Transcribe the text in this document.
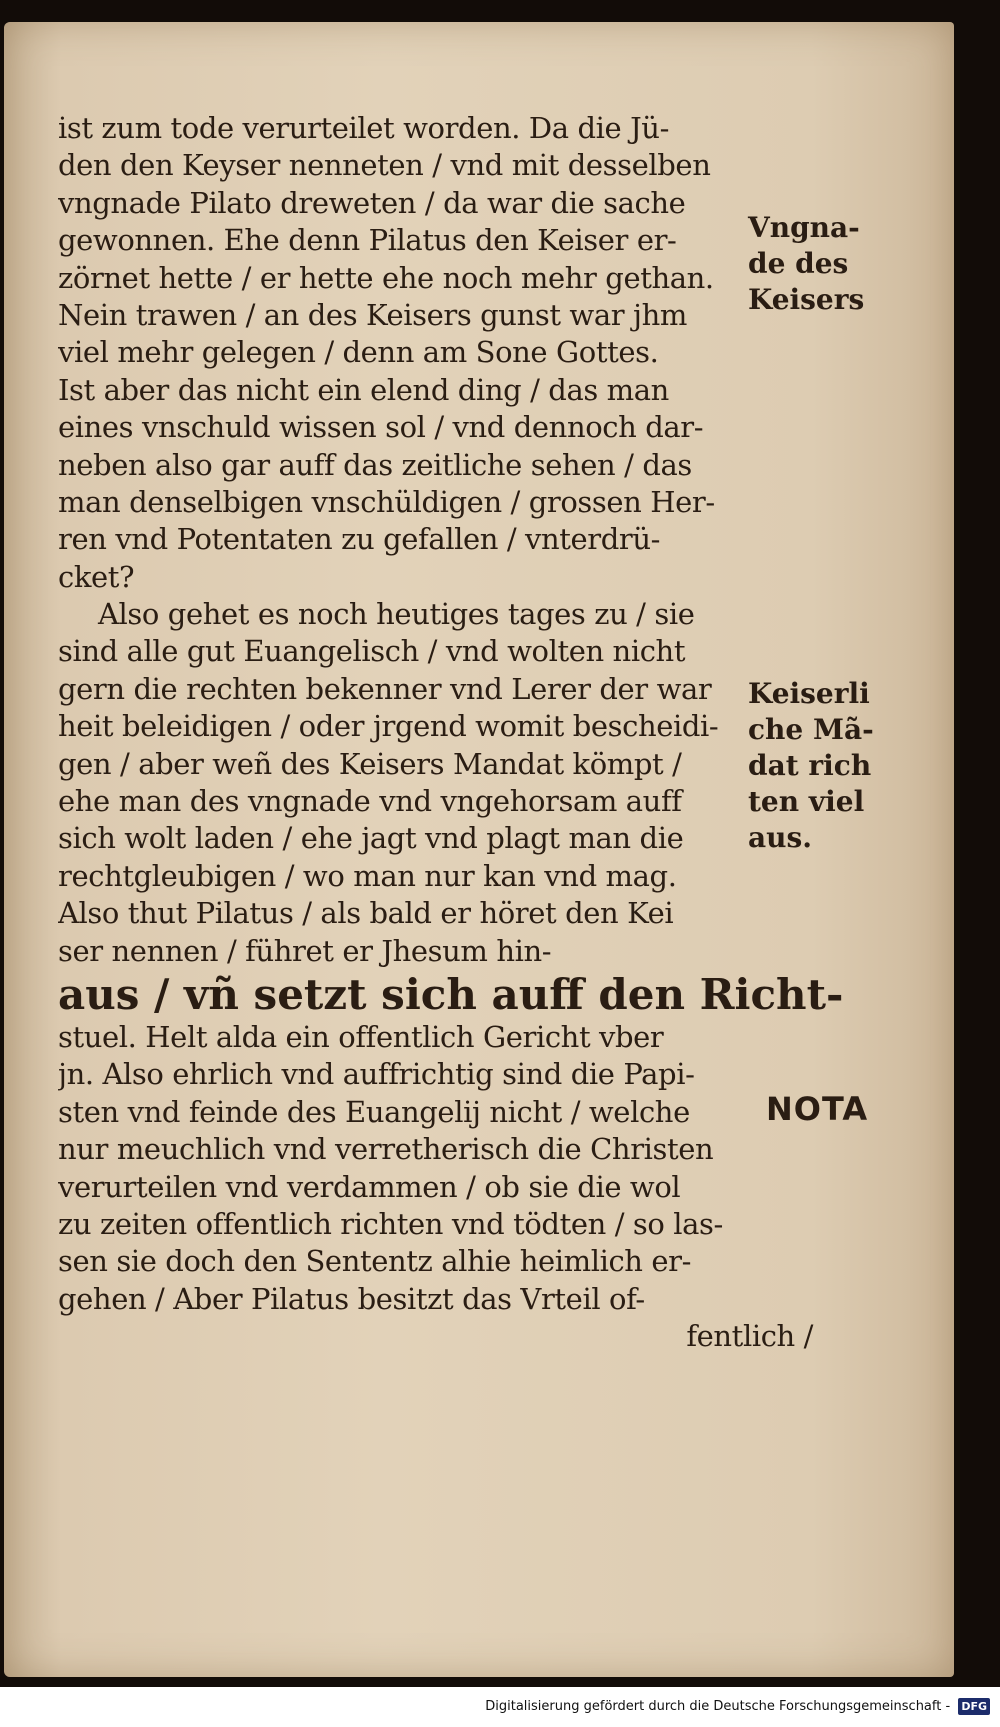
ist zum tode verurteilet worden. Da die Jü-
den den Keyser nenneten / vnd mit desselben
vngnade Pilato dreweten / da war die sache
gewonnen. Ehe denn Pilatus den Keiser er-
zörnet hette / er hette ehe noch mehr gethan.
Nein trawen / an des Keisers gunst war jhm
viel mehr gelegen / denn am Sone Gottes.
Ist aber das nicht ein elend ding / das man
eines vnschuld wissen sol / vnd dennoch dar-
neben also gar auff das zeitliche sehen / das
man denselbigen vnschüldigen / grossen Her-
ren vnd Potentaten zu gefallen / vnterdrü-
cket?
Also gehet es noch heutiges tages zu / sie
sind alle gut Euangelisch / vnd wolten nicht
gern die rechten bekenner vnd Lerer der war
heit beleidigen / oder jrgend womit bescheidi-
gen / aber weñ des Keisers Mandat kömpt /
ehe man des vngnade vnd vngehorsam auff
sich wolt laden / ehe jagt vnd plagt man die
rechtgleubigen / wo man nur kan vnd mag.
Also thut Pilatus / als bald er höret den Kei
ser nennen / führet er Jhesum hin-
aus / vñ setzt sich auff den Richt-
stuel. Helt alda ein offentlich Gericht vber
jn. Also ehrlich vnd auffrichtig sind die Papi-
sten vnd feinde des Euangelij nicht / welche
nur meuchlich vnd verretherisch die Christen
verurteilen vnd verdammen / ob sie die wol
zu zeiten offentlich richten vnd tödten / so las-
sen sie doch den Sententz alhie heimlich er-
gehen / Aber Pilatus besitzt das Vrteil of-
fentlich /
Vngna-
de des
Keisers
Keiserli
che Mã-
dat rich
ten viel
aus.
NOTA
Digitalisierung gefördert durch die Deutsche Forschungsgemeinschaft - DFG
